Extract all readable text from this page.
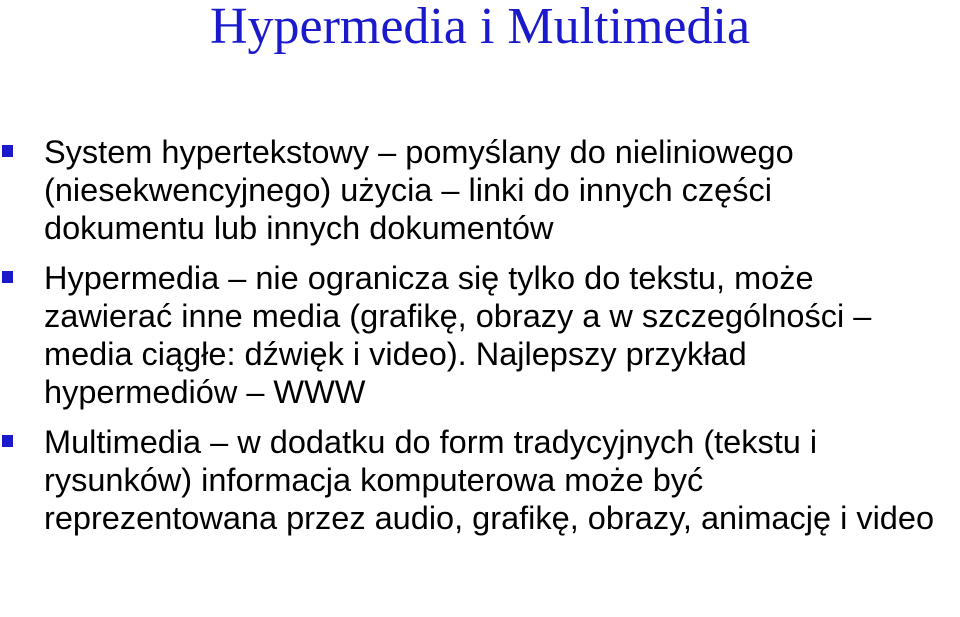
Hypermedia i Multimedia
System hypertekstowy – pomyślany do nieliniowego (niesekwencyjnego) użycia – linki do innych części dokumentu lub innych dokumentów
Hypermedia – nie ogranicza się tylko do tekstu, może zawierać inne media (grafikę, obrazy a w szczególności – media ciągłe: dźwięk i video). Najlepszy przykład hypermediów – WWW
Multimedia – w dodatku do form tradycyjnych (tekstu i rysunków) informacja komputerowa może być reprezentowana przez audio, grafikę, obrazy, animację i video
